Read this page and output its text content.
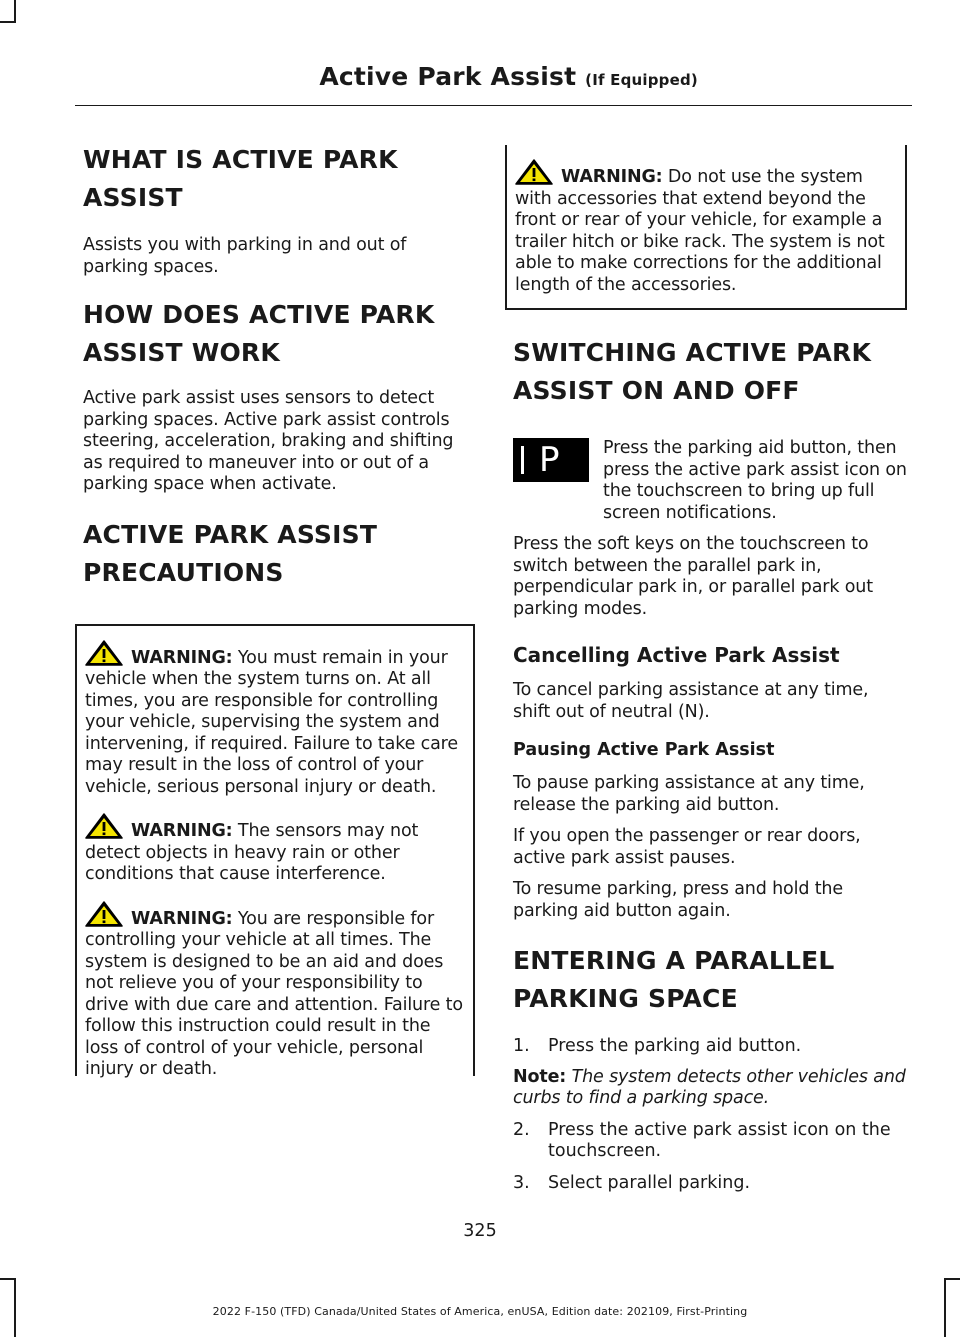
Active Park Assist (If Equipped)
WHAT IS ACTIVE PARK
ASSIST

Assists you with parking in and out of parking spaces.

HOW DOES ACTIVE PARK
ASSIST WORK

Active park assist uses sensors to detect parking spaces. Active park assist controls steering, acceleration, braking and shifting as required to maneuver into or out of a parking space when activate.

ACTIVE PARK ASSIST
PRECAUTIONS

WARNING: You must remain in your vehicle when the system turns on. At all times, you are responsible for controlling your vehicle, supervising the system and intervening, if required. Failure to take care may result in the loss of control of your vehicle, serious personal injury or death.

WARNING: The sensors may not detect objects in heavy rain or other conditions that cause interference.

WARNING: You are responsible for controlling your vehicle at all times. The system is designed to be an aid and does not relieve you of your responsibility to drive with due care and attention. Failure to follow this instruction could result in the loss of control of your vehicle, personal injury or death.

WARNING: Do not use the system with accessories that extend beyond the front or rear of your vehicle, for example a trailer hitch or bike rack. The system is not able to make corrections for the additional length of the accessories.

SWITCHING ACTIVE PARK
ASSIST ON AND OFF
P	Press the parking aid button, then press the active park assist icon on the touchscreen to bring up full screen notifications.

Press the soft keys on the touchscreen to switch between the parallel park in, perpendicular park in, or parallel park out parking modes.

Cancelling Active Park Assist

To cancel parking assistance at any time, shift out of neutral (N).

Pausing Active Park Assist

To pause parking assistance at any time, release the parking aid button.

If you open the passenger or rear doors, active park assist pauses.

To resume parking, press and hold the parking aid button again.

ENTERING A PARALLEL
PARKING SPACE
1.	Press the parking aid button.

Note: The system detects other vehicles and curbs to find a parking space.

2.	Press the active park assist icon on the touchscreen.
3.	Select parallel parking.
325
2022 F-150 (TFD) Canada/United States of America, enUSA, Edition date: 202109, First-Printing
